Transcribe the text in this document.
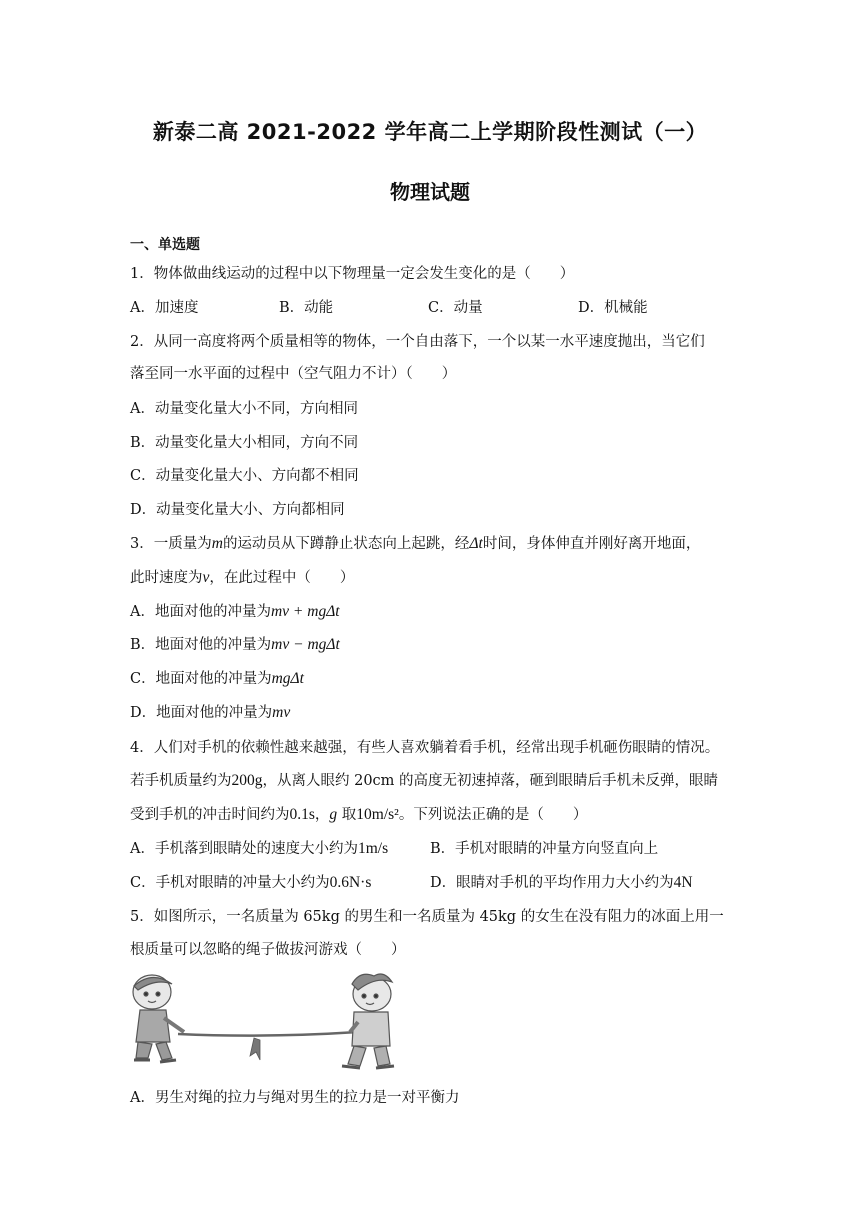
新泰二高 2021-2022 学年高二上学期阶段性测试（一）
物理试题
一、单选题
1．物体做曲线运动的过程中以下物理量一定会发生变化的是（　　）
A．加速度	B．动能	C．动量	D．机械能
2．从同一高度将两个质量相等的物体，一个自由落下，一个以某一水平速度抛出，当它们
落至同一水平面的过程中（空气阻力不计）（　　）
A．动量变化量大小不同，方向相同
B．动量变化量大小相同，方向不同
C．动量变化量大小、方向都不相同
D．动量变化量大小、方向都相同
3．一质量为m的运动员从下蹲静止状态向上起跳，经Δt时间，身体伸直并刚好离开地面，
此时速度为v，在此过程中（　　）
A．地面对他的冲量为mv + mgΔt
B．地面对他的冲量为mv − mgΔt
C．地面对他的冲量为mgΔt
D．地面对他的冲量为mv
4．人们对手机的依赖性越来越强，有些人喜欢躺着看手机，经常出现手机砸伤眼睛的情况。
若手机质量约为200g，从离人眼约 20cm 的高度无初速掉落，砸到眼睛后手机未反弹，眼睛
受到手机的冲击时间约为0.1s，g 取10m/s²。下列说法正确的是（　　）
A．手机落到眼睛处的速度大小约为1m/s	B．手机对眼睛的冲量方向竖直向上
C．手机对眼睛的冲量大小约为0.6N·s	D．眼睛对手机的平均作用力大小约为4N
5．如图所示，一名质量为 65kg 的男生和一名质量为 45kg 的女生在没有阻力的冰面上用一
根质量可以忽略的绳子做拔河游戏（　　）
A．男生对绳的拉力与绳对男生的拉力是一对平衡力
